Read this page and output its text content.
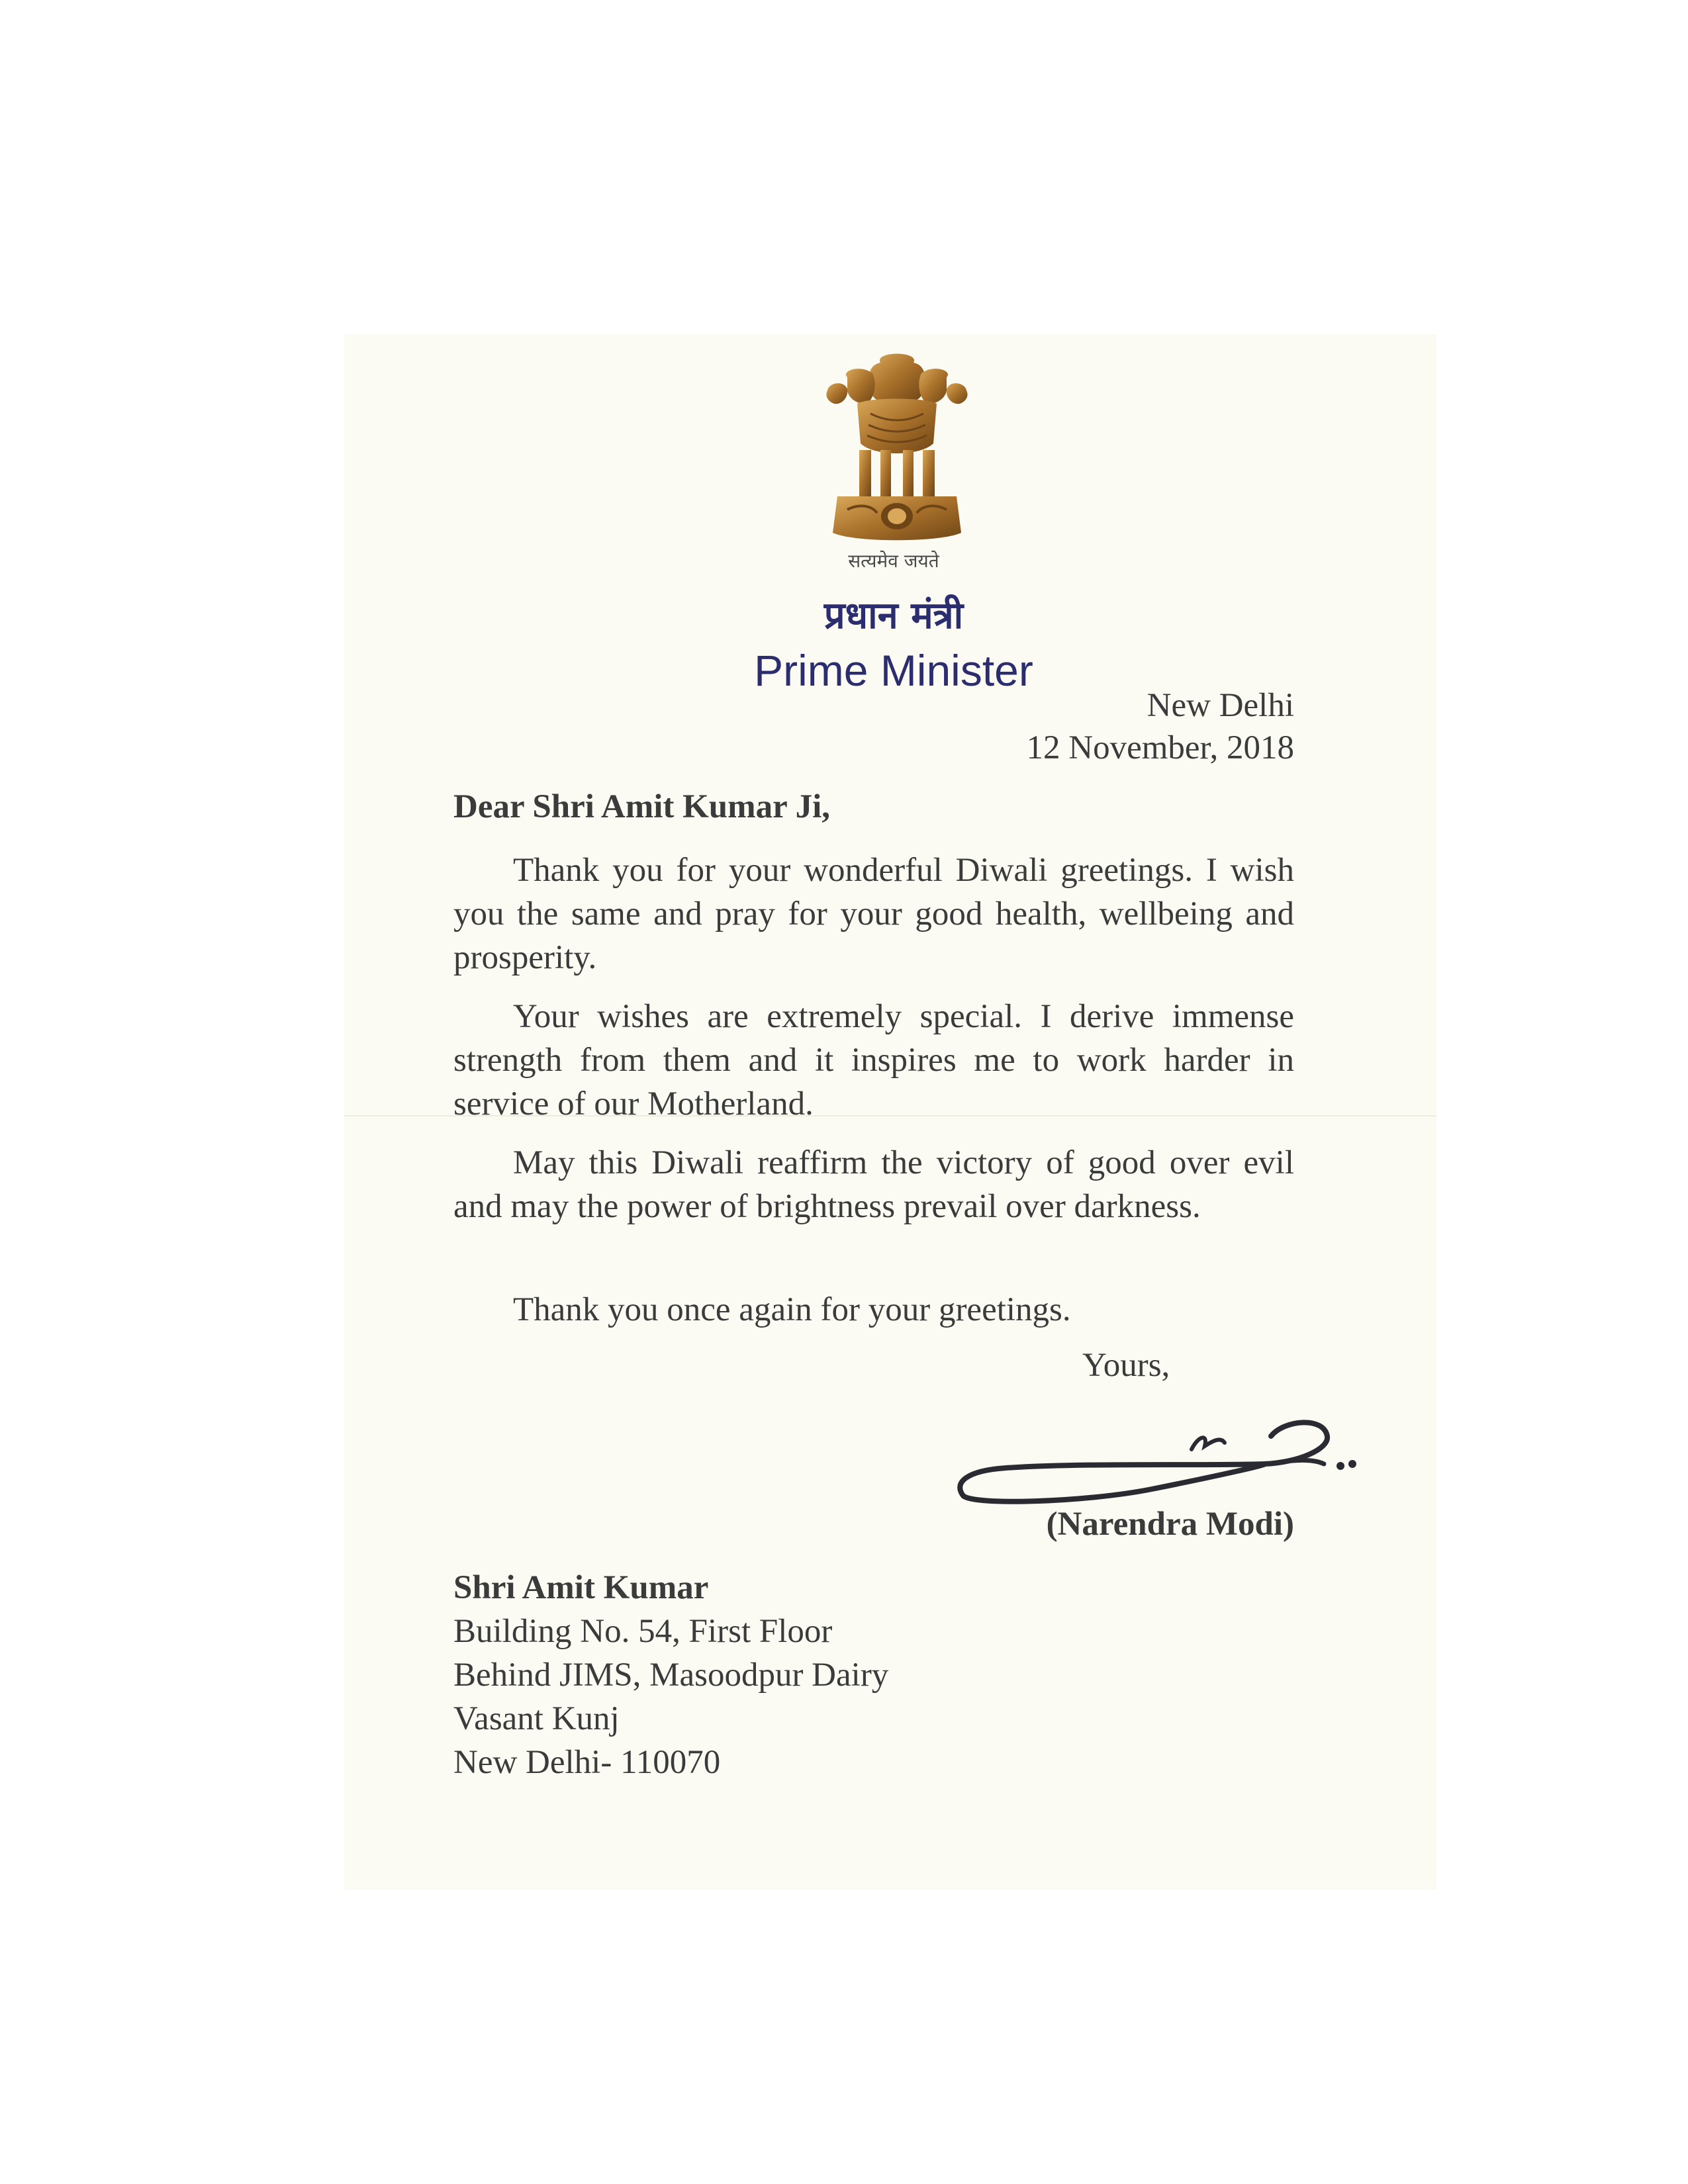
सत्यमेव जयते
प्रधान मंत्री
Prime Minister
New Delhi
12 November, 2018
Dear Shri Amit Kumar Ji,

Thank you for your wonderful Diwali greetings. I wish you the same and pray for your good health, wellbeing and prosperity.

Your wishes are extremely special. I derive immense strength from them and it inspires me to work harder in service of our Motherland.

May this Diwali reaffirm the victory of good over evil and may the power of brightness prevail over darkness.

Thank you once again for your greetings.

Yours,
(Narendra Modi)
Shri Amit Kumar
Building No. 54, First Floor
Behind JIMS, Masoodpur Dairy
Vasant Kunj
New Delhi- 110070
